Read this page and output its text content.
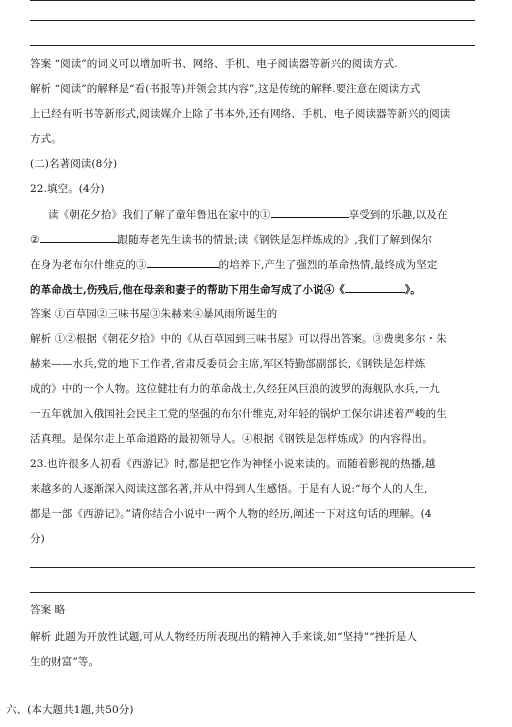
答案 “阅读”的词义可以增加听书、网络、手机、电子阅读器等新兴的阅读方式.
解析 “阅读”的解释是“看(书报等)并领会其内容”,这是传统的解释.要注意在阅读方式
上已经有听书等新形式,阅读媒介上除了书本外,还有网络、手机、电子阅读器等新兴的阅读
方式。
(二)名著阅读(8分)
22.填空。(4分)
读《朝花夕拾》我们了解了童年鲁迅在家中的①	享受到的乐趣,以及在
②	跟随寿老先生读书的情景;读《钢铁是怎样炼成的》,我们了解到保尔
在身为老布尔什维克的③	的培养下,产生了强烈的革命热情,最终成为坚定
的革命战士,伤残后,他在母亲和妻子的帮助下用生命写成了小说④《	》。
答案 ①百草园②三味书屋③朱赫来④暴风雨所诞生的
解析 ①②根据《朝花夕拾》中的《从百草园到三味书屋》可以得出答案。③费奥多尔・朱
赫来——水兵,党的地下工作者,省肃反委员会主席,军区特勤部副部长,《钢铁是怎样炼
成的》中的一个人物。这位健壮有力的革命战士,久经狂风巨浪的波罗的海舰队水兵,一九
一五年就加入俄国社会民主工党的坚强的布尔什维克,对年轻的锅炉工保尔讲述着严峻的生
活真理。是保尔走上革命道路的最初领导人。④根据《钢铁是怎样炼成》的内容得出。
23.也许很多人初看《西游记》时,都是把它作为神怪小说来读的。而随着影视的热播,越
来越多的人逐渐深入阅读这部名著,并从中得到人生感悟。于是有人说:“每个人的人生,
都是一部《西游记》。”请你结合小说中一两个人物的经历,阐述一下对这句话的理解。(4
分)
答案 略
解析 此题为开放性试题,可从人物经历所表现出的精神入手来谈,如“坚持”“挫折是人
生的财富”等。
六、(本大题共1题,共50分)
